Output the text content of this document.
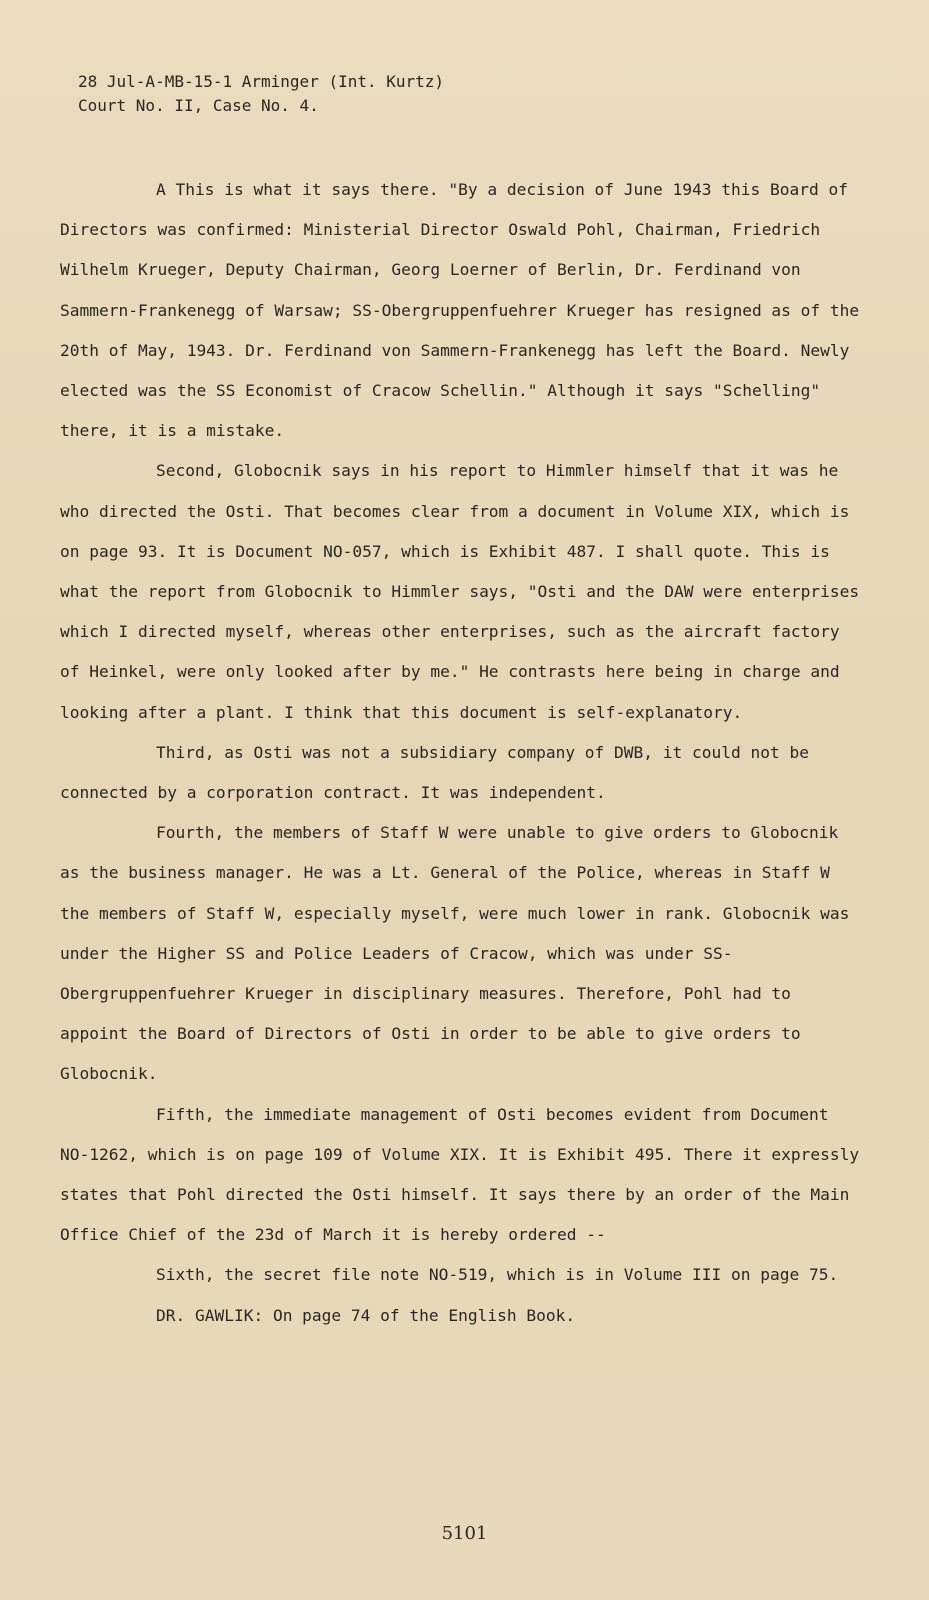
28 Jul-A-MB-15-1 Arminger (Int. Kurtz)
Court No. II, Case No. 4.

A This is what it says there. "By a decision of June 1943 this Board of Directors was confirmed: Ministerial Director Oswald Pohl, Chairman, Friedrich Wilhelm Krueger, Deputy Chairman, Georg Loerner of Berlin, Dr. Ferdinand von Sammern-Frankenegg of Warsaw; SS-Obergruppenfuehrer Krueger has resigned as of the 20th of May, 1943. Dr. Ferdinand von Sammern-Frankenegg has left the Board. Newly elected was the SS Economist of Cracow Schellin." Although it says "Schelling" there, it is a mistake.

Second, Globocnik says in his report to Himmler himself that it was he who directed the Osti. That becomes clear from a document in Volume XIX, which is on page 93. It is Document NO-057, which is Exhibit 487. I shall quote. This is what the report from Globocnik to Himmler says, "Osti and the DAW were enterprises which I directed myself, whereas other enterprises, such as the aircraft factory of Heinkel, were only looked after by me." He contrasts here being in charge and looking after a plant. I think that this document is self-explanatory.

Third, as Osti was not a subsidiary company of DWB, it could not be connected by a corporation contract. It was independent.

Fourth, the members of Staff W were unable to give orders to Globocnik as the business manager. He was a Lt. General of the Police, whereas in Staff W the members of Staff W, especially myself, were much lower in rank. Globocnik was under the Higher SS and Police Leaders of Cracow, which was under SS-Obergruppenfuehrer Krueger in disciplinary measures. Therefore, Pohl had to appoint the Board of Directors of Osti in order to be able to give orders to Globocnik.

Fifth, the immediate management of Osti becomes evident from Document NO-1262, which is on page 109 of Volume XIX. It is Exhibit 495. There it expressly states that Pohl directed the Osti himself. It says there by an order of the Main Office Chief of the 23d of March it is hereby ordered --

Sixth, the secret file note NO-519, which is in Volume III on page 75.

DR. GAWLIK: On page 74 of the English Book.

5101
